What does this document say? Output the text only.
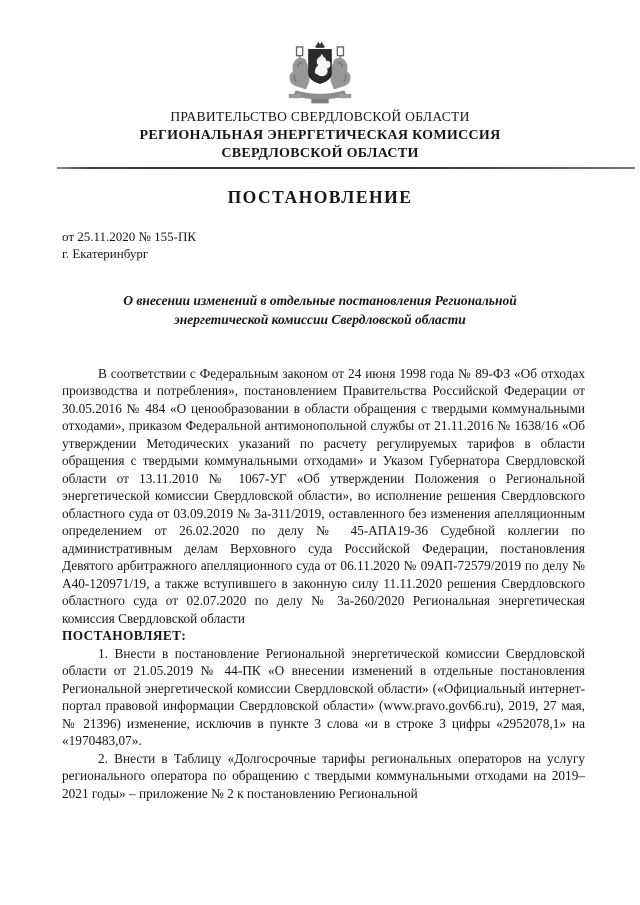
ПРАВИТЕЛЬСТВО СВЕРДЛОВСКОЙ ОБЛАСТИ
РЕГИОНАЛЬНАЯ ЭНЕРГЕТИЧЕСКАЯ КОМИССИЯ
СВЕРДЛОВСКОЙ ОБЛАСТИ
ПОСТАНОВЛЕНИЕ
от 25.11.2020 № 155-ПК
г. Екатеринбург
О внесении изменений в отдельные постановления Региональной энергетической комиссии Свердловской области

В соответствии с Федеральным законом от 24 июня 1998 года № 89-ФЗ «Об отходах производства и потребления», постановлением Правительства Российской Федерации от 30.05.2016 № 484 «О ценообразовании в области обращения с твердыми коммунальными отходами», приказом Федеральной антимонопольной службы от 21.11.2016 № 1638/16 «Об утверждении Методических указаний по расчету регулируемых тарифов в области обращения с твердыми коммунальными отходами» и Указом Губернатора Свердловской области от 13.11.2010 № 1067-УГ «Об утверждении Положения о Региональной энергетической комиссии Свердловской области», во исполнение решения Свердловского областного суда от 03.09.2019 № 3а-311/2019, оставленного без изменения апелляционным определением от 26.02.2020 по делу № 45-АПА19-36 Судебной коллегии по административным делам Верховного суда Российской Федерации, постановления Девятого арбитражного апелляционного суда от 06.11.2020 № 09АП-72579/2019 по делу № А40-120971/19, а также вступившего в законную силу 11.11.2020 решения Свердловского областного суда от 02.07.2020 по делу № 3а-260/2020 Региональная энергетическая комиссия Свердловской области

ПОСТАНОВЛЯЕТ:

1. Внести в постановление Региональной энергетической комиссии Свердловской области от 21.05.2019 № 44-ПК «О внесении изменений в отдельные постановления Региональной энергетической комиссии Свердловской области» («Официальный интернет-портал правовой информации Свердловской области» (www.pravo.gov66.ru), 2019, 27 мая, № 21396) изменение, исключив в пункте 3 слова «и в строке 3 цифры «2952078,1» на «1970483,07».

2. Внести в Таблицу «Долгосрочные тарифы региональных операторов на услугу регионального оператора по обращению с твердыми коммунальными отходами на 2019–2021 годы» – приложение № 2 к постановлению Региональной
